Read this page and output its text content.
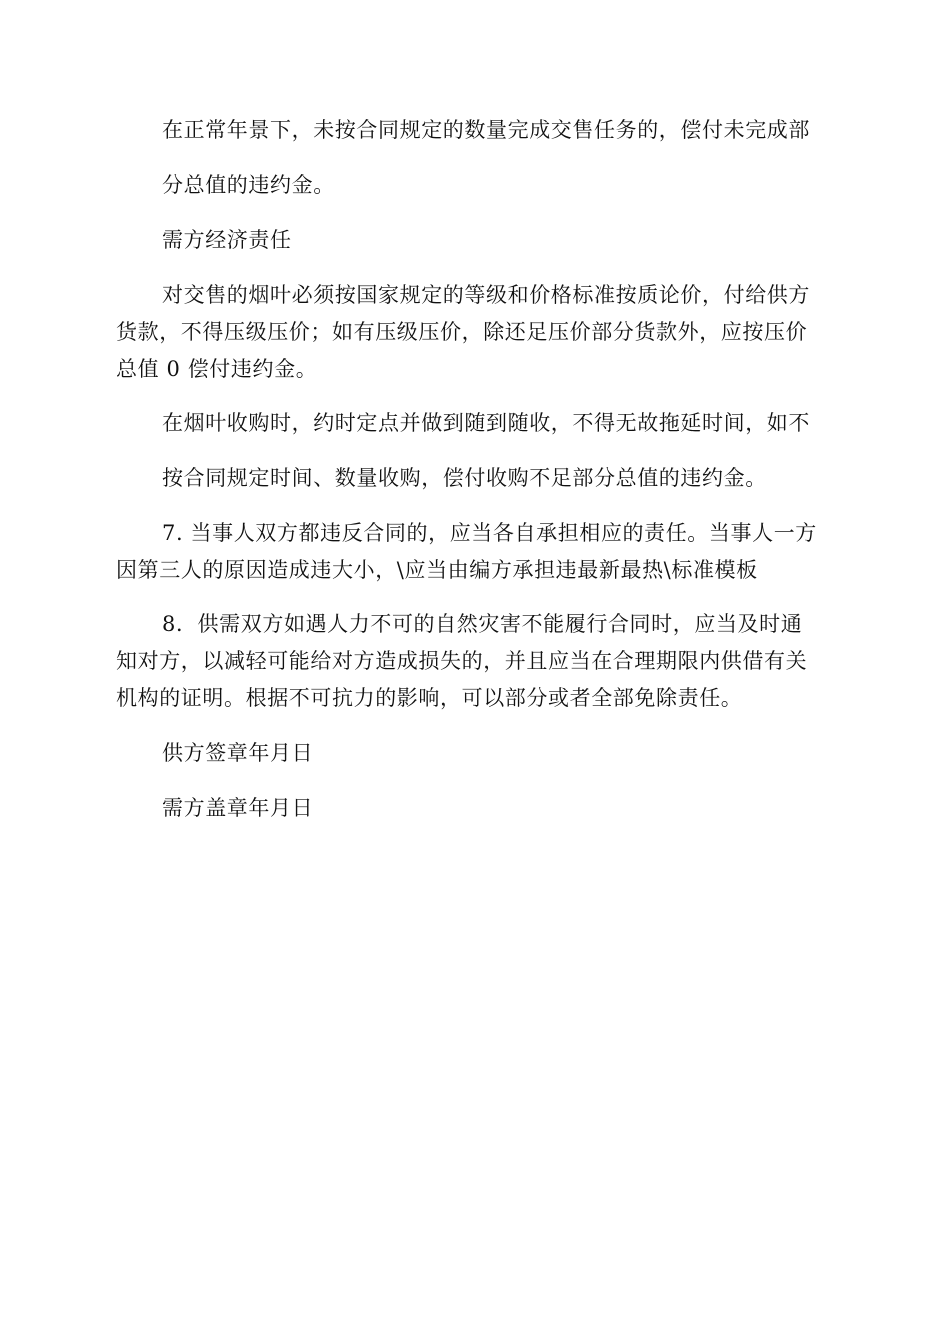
在正常年景下，未按合同规定的数量完成交售任务的，偿付未完成部

分总值的违约金。

需方经济责任

对交售的烟叶必须按国家规定的等级和价格标准按质论价，付给供方

货款，不得压级压价；如有压级压价，除还足压价部分货款外，应按压价

总值 0 偿付违约金。

在烟叶收购时，约时定点并做到随到随收，不得无故拖延时间，如不

按合同规定时间、数量收购，偿付收购不足部分总值的违约金。

7. 当事人双方都违反合同的，应当各自承担相应的责任。当事人一方

因第三人的原因造成违大小，\应当由编方承担违最新最热\标准模板

8．供需双方如遇人力不可的自然灾害不能履行合同时，应当及时通

知对方，以减轻可能给对方造成损失的，并且应当在合理期限内供借有关

机构的证明。根据不可抗力的影响，可以部分或者全部免除责任。

供方签章年月日

需方盖章年月日
